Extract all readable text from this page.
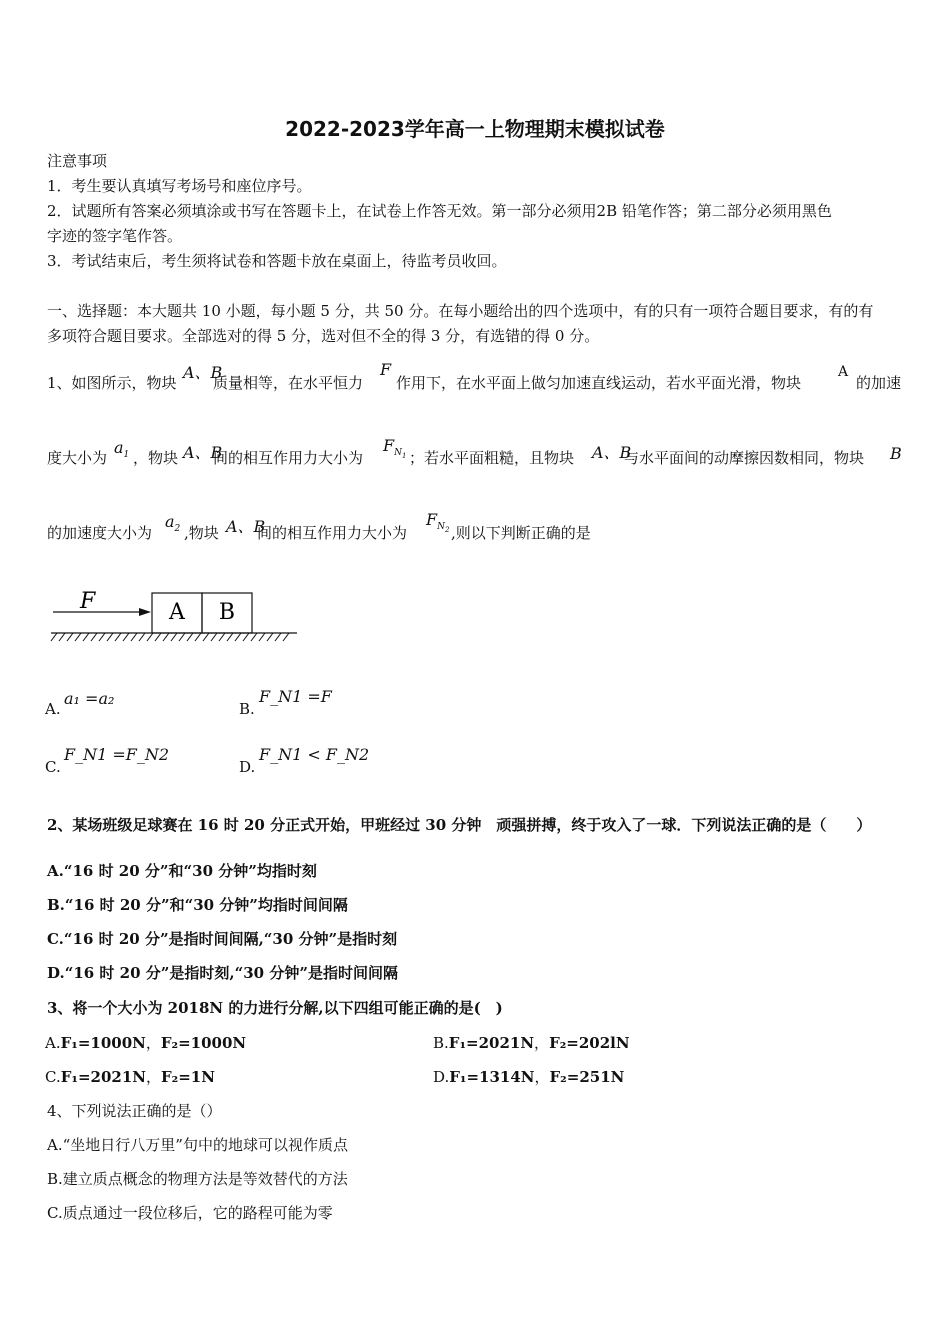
2022-2023学年高一上物理期末模拟试卷
注意事项
1．考生要认真填写考场号和座位序号。
2．试题所有答案必须填涂或书写在答题卡上，在试卷上作答无效。第一部分必须用2B 铅笔作答；第二部分必须用黑色
字迹的签字笔作答。
3．考试结束后，考生须将试卷和答题卡放在桌面上，待监考员收回。
一、选择题：本大题共 10 小题，每小题 5 分，共 50 分。在每小题给出的四个选项中，有的只有一项符合题目要求，有的有
多项符合题目要求。全部选对的得 5 分，选对但不全的得 3 分，有选错的得 0 分。
1、如图所示，物块
A、B
质量相等，在水平恒力
F
作用下，在水平面上做匀加速直线运动，若水平面光滑，物块
A
的加速
度大小为
$a_1$ ，物块 A、B
间的相互作用力大小为
$F_{N_1}$ ；若水平面粗糙，且物块 A、B
与水平面间的动摩擦因数相同，物块 B
的加速度大小为
$a_2$ ,物块 A、B
间的相互作用力大小为
$F_{N_2}$ ,则以下判断正确的是
F	A B
A.
a₁ =a₂
B.
F_N1 =F
C.
F_N1 =F_N2
D.
F_N1 < F_N2
2、某场班级足球赛在 16 时 20 分正式开始，甲班经过 30 分钟　顽强拼搏，终于攻入了一球．下列说法正确的是（　　）
A.“16 时 20 分”和“30 分钟”均指时刻
B.“16 时 20 分”和“30 分钟”均指时间间隔
C.“16 时 20 分”是指时间间隔,“30 分钟”是指时刻
D.“16 时 20 分”是指时刻,“30 分钟”是指时间间隔
3、将一个大小为 2018N 的力进行分解,以下四组可能正确的是(　)
A.F₁=1000N，F₂=1000N	B.F₁=2021N，F₂=202lN
C.F₁=2021N，F₂=1N	D.F₁=1314N，F₂=251N
4、下列说法正确的是（）
A.“坐地日行八万里”句中的地球可以视作质点
B.建立质点概念的物理方法是等效替代的方法
C.质点通过一段位移后，它的路程可能为零
